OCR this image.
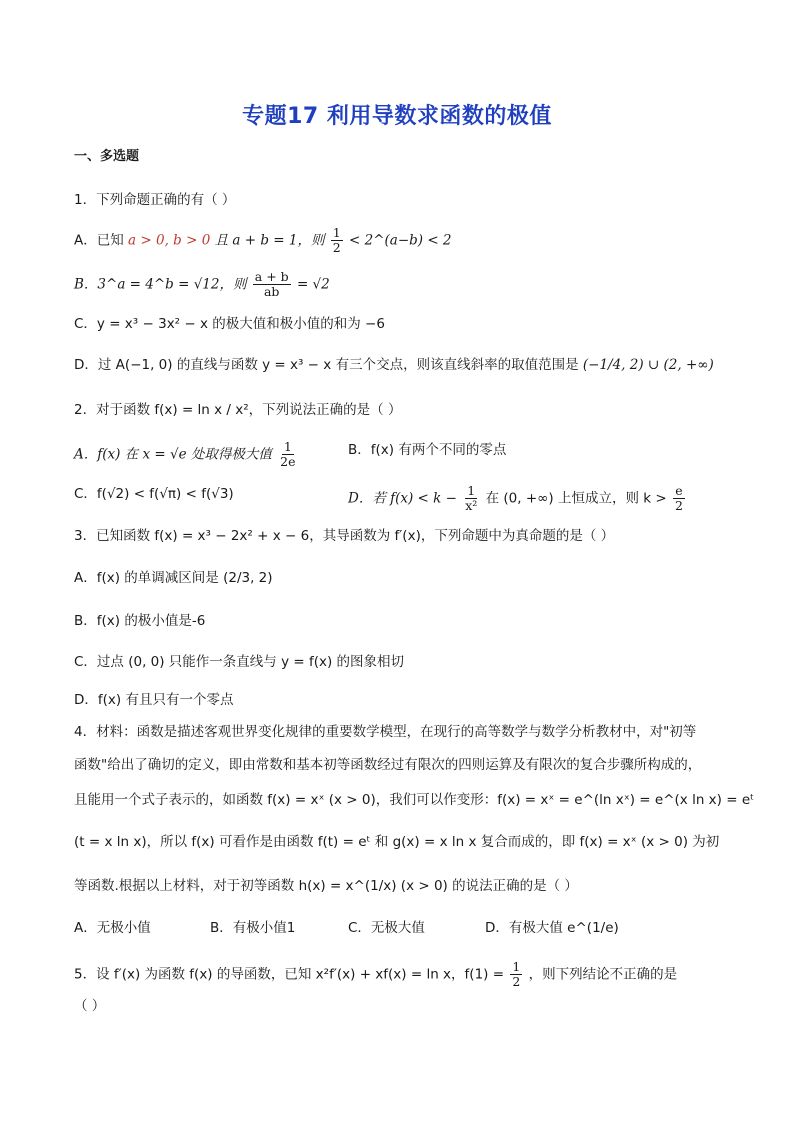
专题17 利用导数求函数的极值
一、多选题
1．下列命题正确的有（ ）
A．已知 a > 0, b > 0 且 a + b = 1，则 $\frac{1}{2}$ < 2^(a−b) < 2
B．3^a = 4^b = √12，则 $\frac{a + b}{ab} = √2$
C．y = x³ − 3x² − x 的极大值和极小值的和为 −6
D．过 A(−1, 0) 的直线与函数 y = x³ − x 有三个交点，则该直线斜率的取值范围是 (−1/4, 2) ∪ (2, +∞)
2．对于函数 f(x) = ln x / x²，下列说法正确的是（ ）
A．f(x) 在 x = √e 处取得极大值 $\frac{1}{2e}$	B．f(x) 有两个不同的零点
C．f(√2) < f(√π) < f(√3)	D．若 $f(x) < k - \frac{1}{\text{x²}}$ 在 (0, +∞) 上恒成立，则 $k > \frac{e}{2}$
3．已知函数 f(x) = x³ − 2x² + x − 6，其导函数为 f′(x)，下列命题中为真命题的是（ ）
A．f(x) 的单调减区间是 (2/3, 2)
B．f(x) 的极小值是-6
C．过点 (0, 0) 只能作一条直线与 y = f(x) 的图象相切
D．f(x) 有且只有一个零点
4．材料：函数是描述客观世界变化规律的重要数学模型，在现行的高等数学与数学分析教材中，对"初等
函数"给出了确切的定义，即由常数和基本初等函数经过有限次的四则运算及有限次的复合步骤所构成的，
且能用一个式子表示的，如函数 f(x) = xˣ (x > 0)，我们可以作变形：f(x) = xˣ = e^(ln xˣ) = e^(x ln x) = eᵗ
(t = x ln x)，所以 f(x) 可看作是由函数 f(t) = eᵗ 和 g(x) = x ln x 复合而成的，即 f(x) = xˣ (x > 0) 为初
等函数.根据以上材料，对于初等函数 h(x) = x^(1/x) (x > 0) 的说法正确的是（ ）
A．无极小值	B．有极小值1	C．无极大值	D．有极大值 e^(1/e)
5．设 f′(x) 为函数 f(x) 的导函数，已知 x²f′(x) + xf(x) = ln x，$f(1) = \frac{1}{2}$ ，则下列结论不正确的是
（ ）
